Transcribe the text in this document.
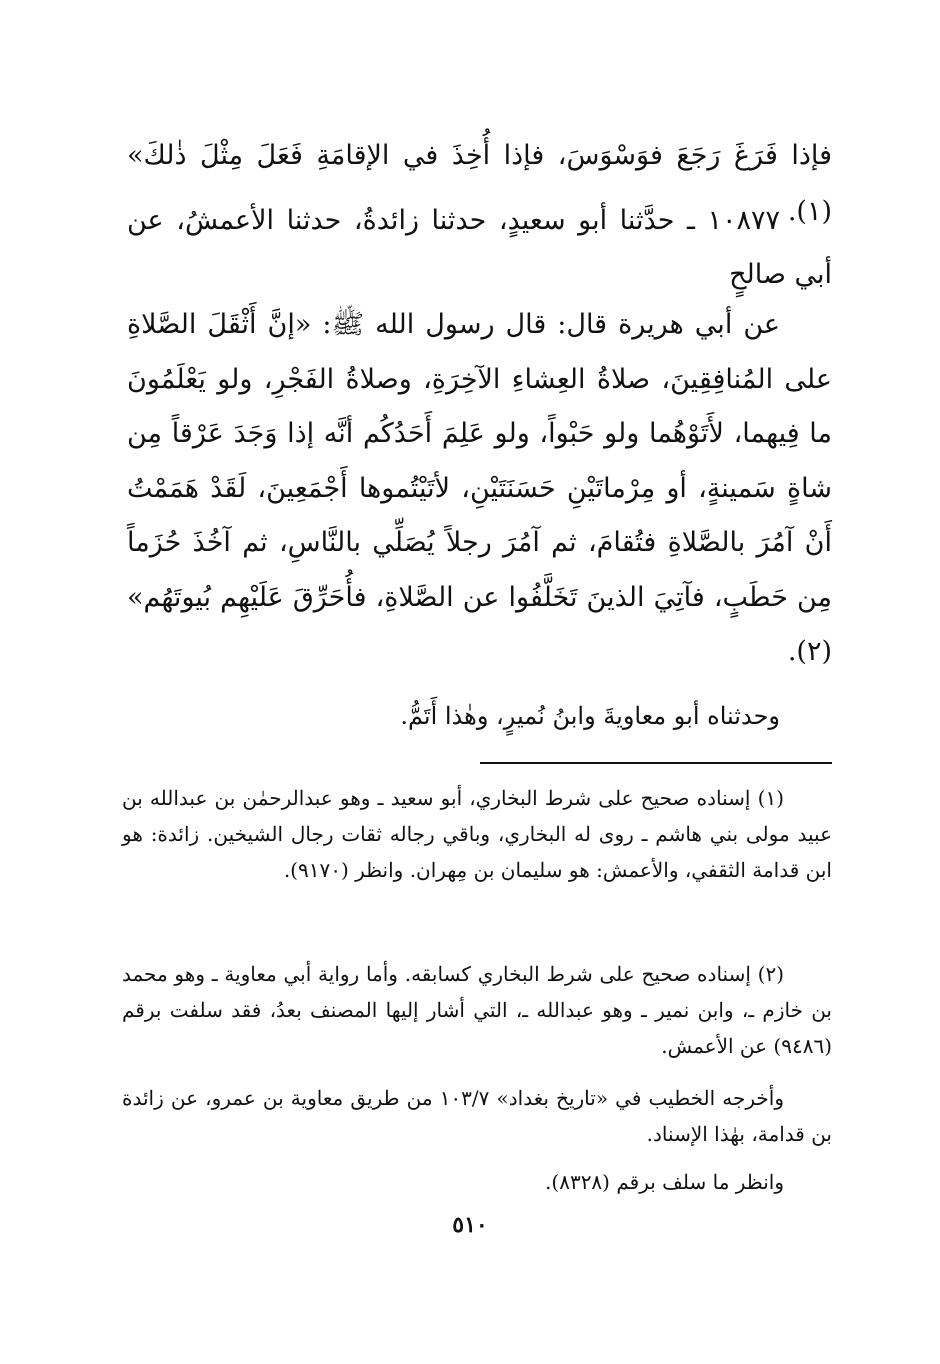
فإذا فَرَغَ رَجَعَ فوَسْوَسَ، فإذا أُخِذَ في الإقامَةِ فَعَلَ مِثْلَ ذٰلكَ» (١).

١٠٨٧٧ ـ حدَّثنا أبو سعيدٍ، حدثنا زائدةُ، حدثنا الأعمشُ، عن أبي صالحٍ

عن أبي هريرة قال: قال رسول الله ﷺ: «إنَّ أَثْقَلَ الصَّلاةِ على المُنافِقِينَ، صلاةُ العِشاءِ الآخِرَةِ، وصلاةُ الفَجْرِ، ولو يَعْلَمُونَ ما فِيهما، لأَتَوْهُما ولو حَبْواً، ولو عَلِمَ أَحَدُكُم أنَّه إذا وَجَدَ عَرْقاً مِن شاةٍ سَمينةٍ، أو مِرْماتَيْنِ حَسَنَتَيْنِ، لأتَيْتُموها أَجْمَعِينَ، لَقَدْ هَمَمْتُ أَنْ آمُرَ بالصَّلاةِ فتُقامَ، ثم آمُرَ رجلاً يُصَلِّي بالنَّاسِ، ثم آخُذَ حُزَماً مِن حَطَبٍ، فآتِيَ الذينَ تَخَلَّفُوا عن الصَّلاةِ، فأُحَرِّقَ عَلَيْهِم بُيوتَهُم» (٢).

وحدثناه أبو معاويةَ وابنُ نُميرٍ، وهٰذا أَتَمُّ.

(١) إسناده صحيح على شرط البخاري، أبو سعيد ـ وهو عبدالرحمٰن بن عبدالله بن عبيد مولى بني هاشم ـ روى له البخاري، وباقي رجاله ثقات رجال الشيخين. زائدة: هو ابن قدامة الثقفي، والأعمش: هو سليمان بن مِهران. وانظر (٩١٧٠).

(٢) إسناده صحيح على شرط البخاري كسابقه. وأما رواية أبي معاوية ـ وهو محمد بن خازم ـ، وابن نمير ـ وهو عبدالله ـ، التي أشار إليها المصنف بعدُ، فقد سلفت برقم (٩٤٨٦) عن الأعمش.

وأخرجه الخطيب في «تاريخ بغداد» ١٠٣/٧ من طريق معاوية بن عمرو، عن زائدة بن قدامة، بهٰذا الإسناد.

وانظر ما سلف برقم (٨٣٢٨).

٥١٠
